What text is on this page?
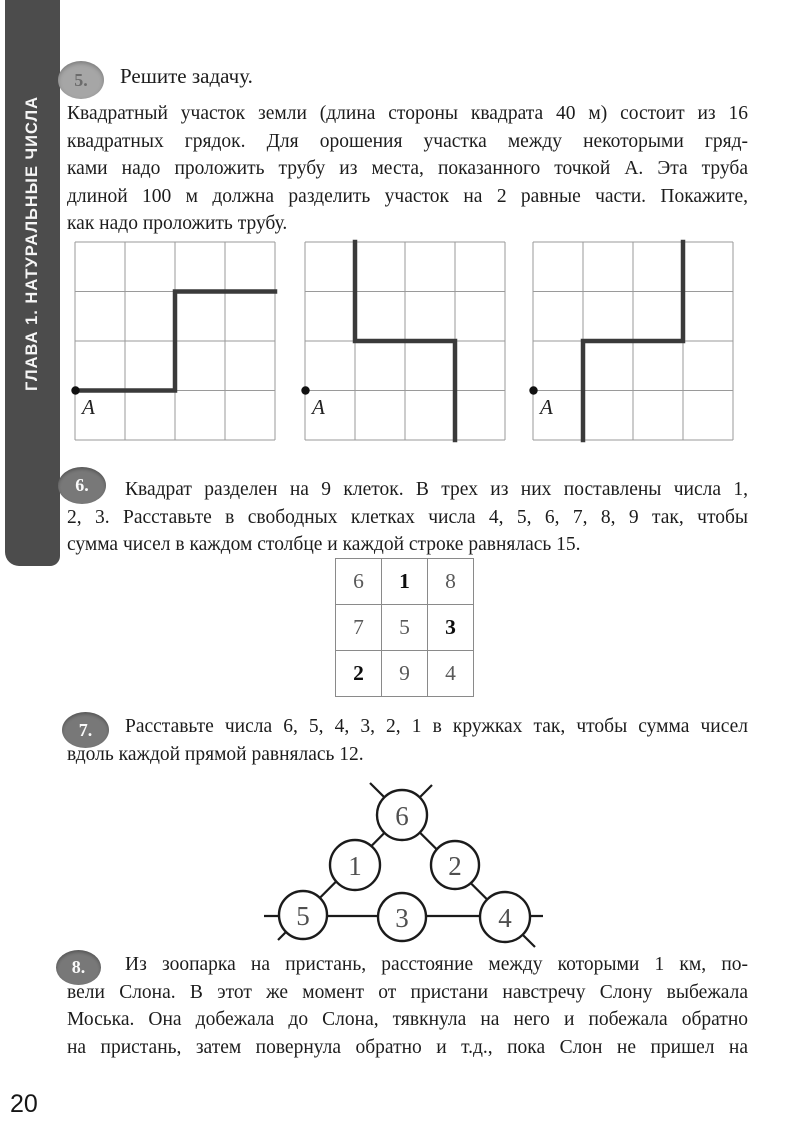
ГЛАВА 1. НАТУРАЛЬНЫЕ ЧИСЛА
5.	Решите задачу.
Квадратный участок земли (длина стороны квадрата 40 м) состоит из 16
квадратных грядок. Для орошения участка между некоторыми гряд-
ками надо проложить трубу из места, показанного точкой А. Эта труба
длиной 100 м должна разделить участок на 2 равные части. Покажите,
как надо проложить трубу.
A	A	A
6.	Квадрат разделен на 9 клеток. В трех из них поставлены числа 1,
2, 3. Расставьте в свободных клетках числа 4, 5, 6, 7, 8, 9 так, чтобы
сумма чисел в каждом столбце и каждой строке равнялась 15.
6	1	8
7	5	3
2	9	4
7.	Расставьте числа 6, 5, 4, 3, 2, 1 в кружках так, чтобы сумма чисел
вдоль каждой прямой равнялась 12.
6
1	2
5	3	4
8.	Из зоопарка на пристань, расстояние между которыми 1 км, по-
вели Слона. В этот же момент от пристани навстречу Слону выбежала
Моська. Она добежала до Слона, тявкнула на него и побежала обратно
на пристань, затем повернула обратно и т.д., пока Слон не пришел на
20
